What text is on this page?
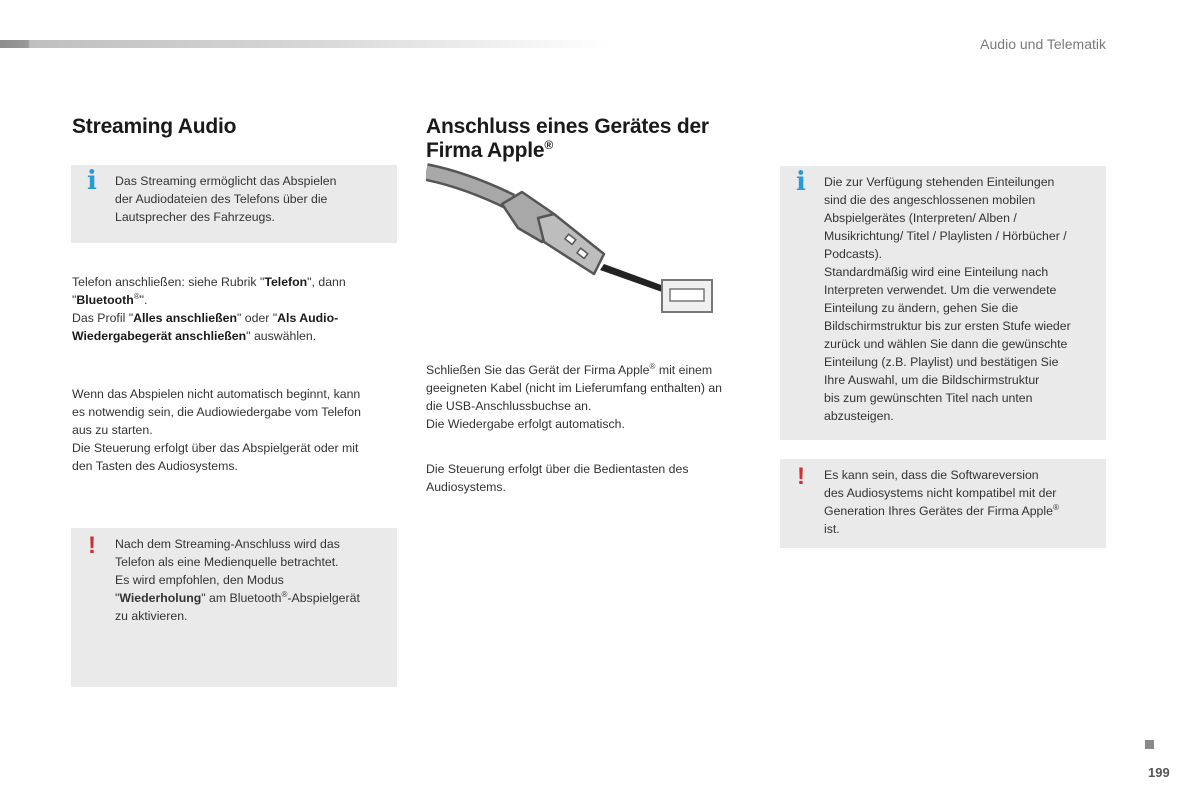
Audio und Telematik
Streaming Audio
i Das Streaming ermöglicht das Abspielen
der Audiodateien des Telefons über die
Lautsprecher des Fahrzeugs.
Telefon anschließen: siehe Rubrik "Telefon", dann
"Bluetooth®".
Das Profil "Alles anschließen" oder "Als Audio-
Wiedergabegerät anschließen" auswählen.
Wenn das Abspielen nicht automatisch beginnt, kann
es notwendig sein, die Audiowiedergabe vom Telefon
aus zu starten.
Die Steuerung erfolgt über das Abspielgerät oder mit
den Tasten des Audiosystems.
! Nach dem Streaming-Anschluss wird das
Telefon als eine Medienquelle betrachtet.
Es wird empfohlen, den Modus
"Wiederholung" am Bluetooth®-Abspielgerät
zu aktivieren.
Anschluss eines Gerätes der
Firma Apple®
Schließen Sie das Gerät der Firma Apple® mit einem
geeigneten Kabel (nicht im Lieferumfang enthalten) an
die USB-Anschlussbuchse an.
Die Wiedergabe erfolgt automatisch.
Die Steuerung erfolgt über die Bedientasten des
Audiosystems.
i Die zur Verfügung stehenden Einteilungen
sind die des angeschlossenen mobilen
Abspielgerätes (Interpreten/ Alben /
Musikrichtung/ Titel / Playlisten / Hörbücher /
Podcasts).
Standardmäßig wird eine Einteilung nach
Interpreten verwendet. Um die verwendete
Einteilung zu ändern, gehen Sie die
Bildschirmstruktur bis zur ersten Stufe wieder
zurück und wählen Sie dann die gewünschte
Einteilung (z.B. Playlist) und bestätigen Sie
Ihre Auswahl, um die Bildschirmstruktur
bis zum gewünschten Titel nach unten
abzusteigen.
! Es kann sein, dass die Softwareversion
des Audiosystems nicht kompatibel mit der
Generation Ihres Gerätes der Firma Apple®
ist.
199
